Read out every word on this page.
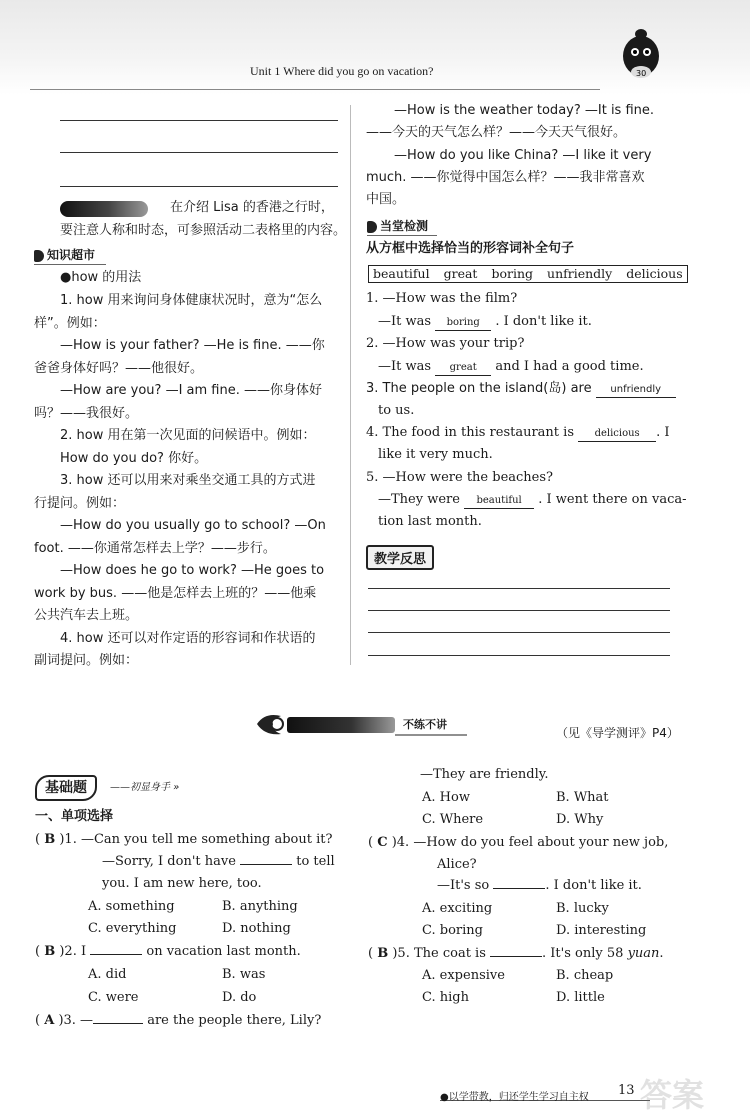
Unit 1 Where did you go on vacation?	30
在介绍 Lisa 的香港之行时，
要注意人称和时态，可参照活动二表格里的内容。
知识超市
●how 的用法
1. how 用来询问身体健康状况时，意为“怎么
样”。例如：
—How is your father? —He is fine. ——你
爸爸身体好吗？——他很好。
—How are you? —I am fine. ——你身体好
吗？——我很好。
2. how 用在第一次见面的问候语中。例如：
How do you do? 你好。
3. how 还可以用来对乘坐交通工具的方式进
行提问。例如：
—How do you usually go to school? —On
foot. ——你通常怎样去上学？——步行。
—How does he go to work? —He goes to
work by bus. ——他是怎样去上班的？——他乘
公共汽车去上班。
4. how 还可以对作定语的形容词和作状语的
副词提问。例如：
—How is the weather today? —It is fine.
——今天的天气怎么样？——今天天气很好。
—How do you like China? —I like it very
much. ——你觉得中国怎么样？——我非常喜欢
中国。
当堂检测
从方框中选择恰当的形容词补全句子
beautiful great boring unfriendly delicious
1. —How was the film?
—It was boring . I don't like it.
2. —How was your trip?
—It was great and I had a good time.
3. The people on the island(岛) are unfriendly
to us.
4. The food in this restaurant is delicious . I
like it very much.
5. —How were the beaches?
—They were beautiful . I went there on vaca-
tion last month.
教学反思
不练不讲
（见《导学测评》P4）
基础题	——初显身手 »
一、单项选择
( B )1. —Can you tell me something about it?
—Sorry, I don't have	to tell
you. I am new here, too.
A. something	B. anything
C. everything	D. nothing
( B )2. I	on vacation last month.
A. did	B. was
C. were	D. do
( A )3. —	are the people there, Lily?
—They are friendly.
A. How	B. What
C. Where	D. Why
( C )4. —How do you feel about your new job,
Alice?
—It's so	. I don't like it.
A. exciting	B. lucky
C. boring	D. interesting
( B )5. The coat is	. It's only 58 yuan.
A. expensive	B. cheap
C. high	D. little
●以学带教，归还学生学习自主权 13 答案
